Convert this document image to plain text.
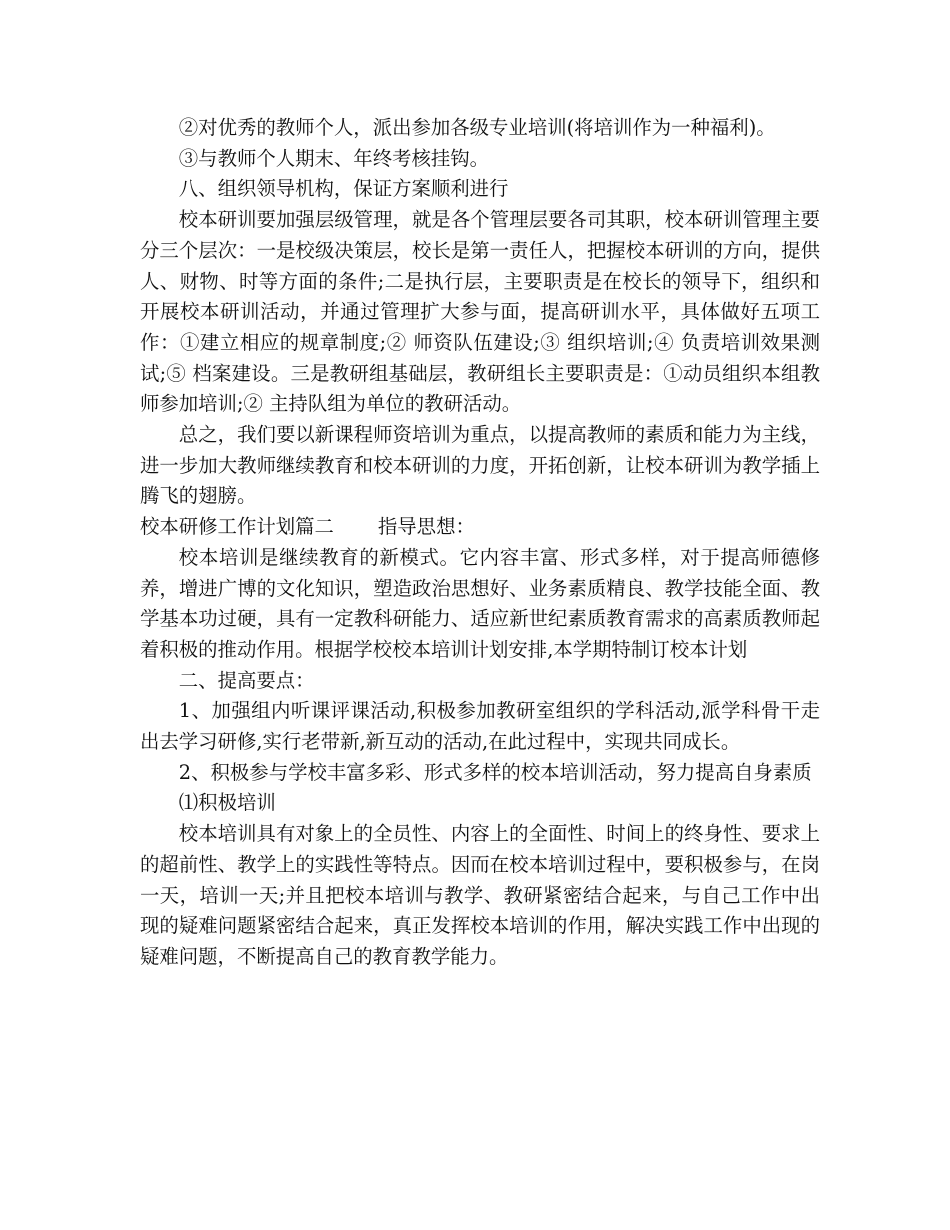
②对优秀的教师个人，派出参加各级专业培训(将培训作为一种福利)。

③与教师个人期末、年终考核挂钩。

八、组织领导机构，保证方案顺利进行

校本研训要加强层级管理，就是各个管理层要各司其职，校本研训管理主要分三个层次：一是校级决策层，校长是第一责任人，把握校本研训的方向，提供人、财物、时等方面的条件;二是执行层，主要职责是在校长的领导下，组织和开展校本研训活动，并通过管理扩大参与面，提高研训水平，具体做好五项工作：①建立相应的规章制度;② 师资队伍建设;③ 组织培训;④ 负责培训效果测试;⑤ 档案建设。三是教研组基础层，教研组长主要职责是：①动员组织本组教师参加培训;② 主持队组为单位的教研活动。

总之，我们要以新课程师资培训为重点，以提高教师的素质和能力为主线，进一步加大教师继续教育和校本研训的力度，开拓创新，让校本研训为教学插上腾飞的翅膀。

校本研修工作计划篇二 指导思想：

校本培训是继续教育的新模式。它内容丰富、形式多样，对于提高师德修养，增进广博的文化知识，塑造政治思想好、业务素质精良、教学技能全面、教学基本功过硬，具有一定教科研能力、适应新世纪素质教育需求的高素质教师起着积极的推动作用。根据学校校本培训计划安排,本学期特制订校本计划

二、提高要点：

1、加强组内听课评课活动,积极参加教研室组织的学科活动,派学科骨干走出去学习研修,实行老带新,新互动的活动,在此过程中，实现共同成长。

2、积极参与学校丰富多彩、形式多样的校本培训活动，努力提高自身素质

⑴积极培训

校本培训具有对象上的全员性、内容上的全面性、时间上的终身性、要求上的超前性、教学上的实践性等特点。因而在校本培训过程中，要积极参与，在岗一天，培训一天;并且把校本培训与教学、教研紧密结合起来，与自己工作中出现的疑难问题紧密结合起来，真正发挥校本培训的作用，解决实践工作中出现的疑难问题，不断提高自己的教育教学能力。
